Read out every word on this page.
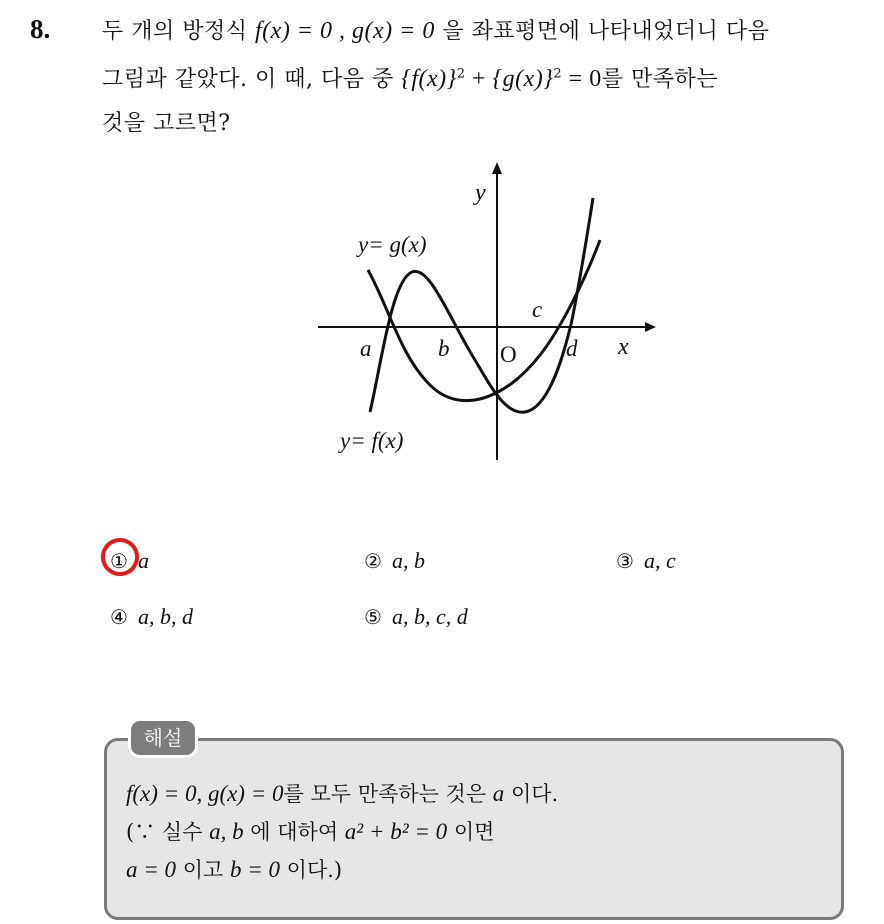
8. 두 개의 방정식 f(x) = 0 , g(x) = 0 을 좌표평면에 나타내었더니 다음
그림과 같았다. 이 때, 다음 중 $\{f(x)\}^2 + \{g(x)\}^2 = 0$를 만족하는
것을 고르면?
y
x
O
y= g(x)
y= f(x)
a	b
c
d
① a	② a, b	③ a, c
④ a, b, d	⑤ a, b, c, d
해설
f(x) = 0, g(x) = 0를 모두 만족하는 것은 a 이다.
(∵ 실수 a, b 에 대하여 a² + b² = 0 이면
a = 0 이고 b = 0 이다.)
